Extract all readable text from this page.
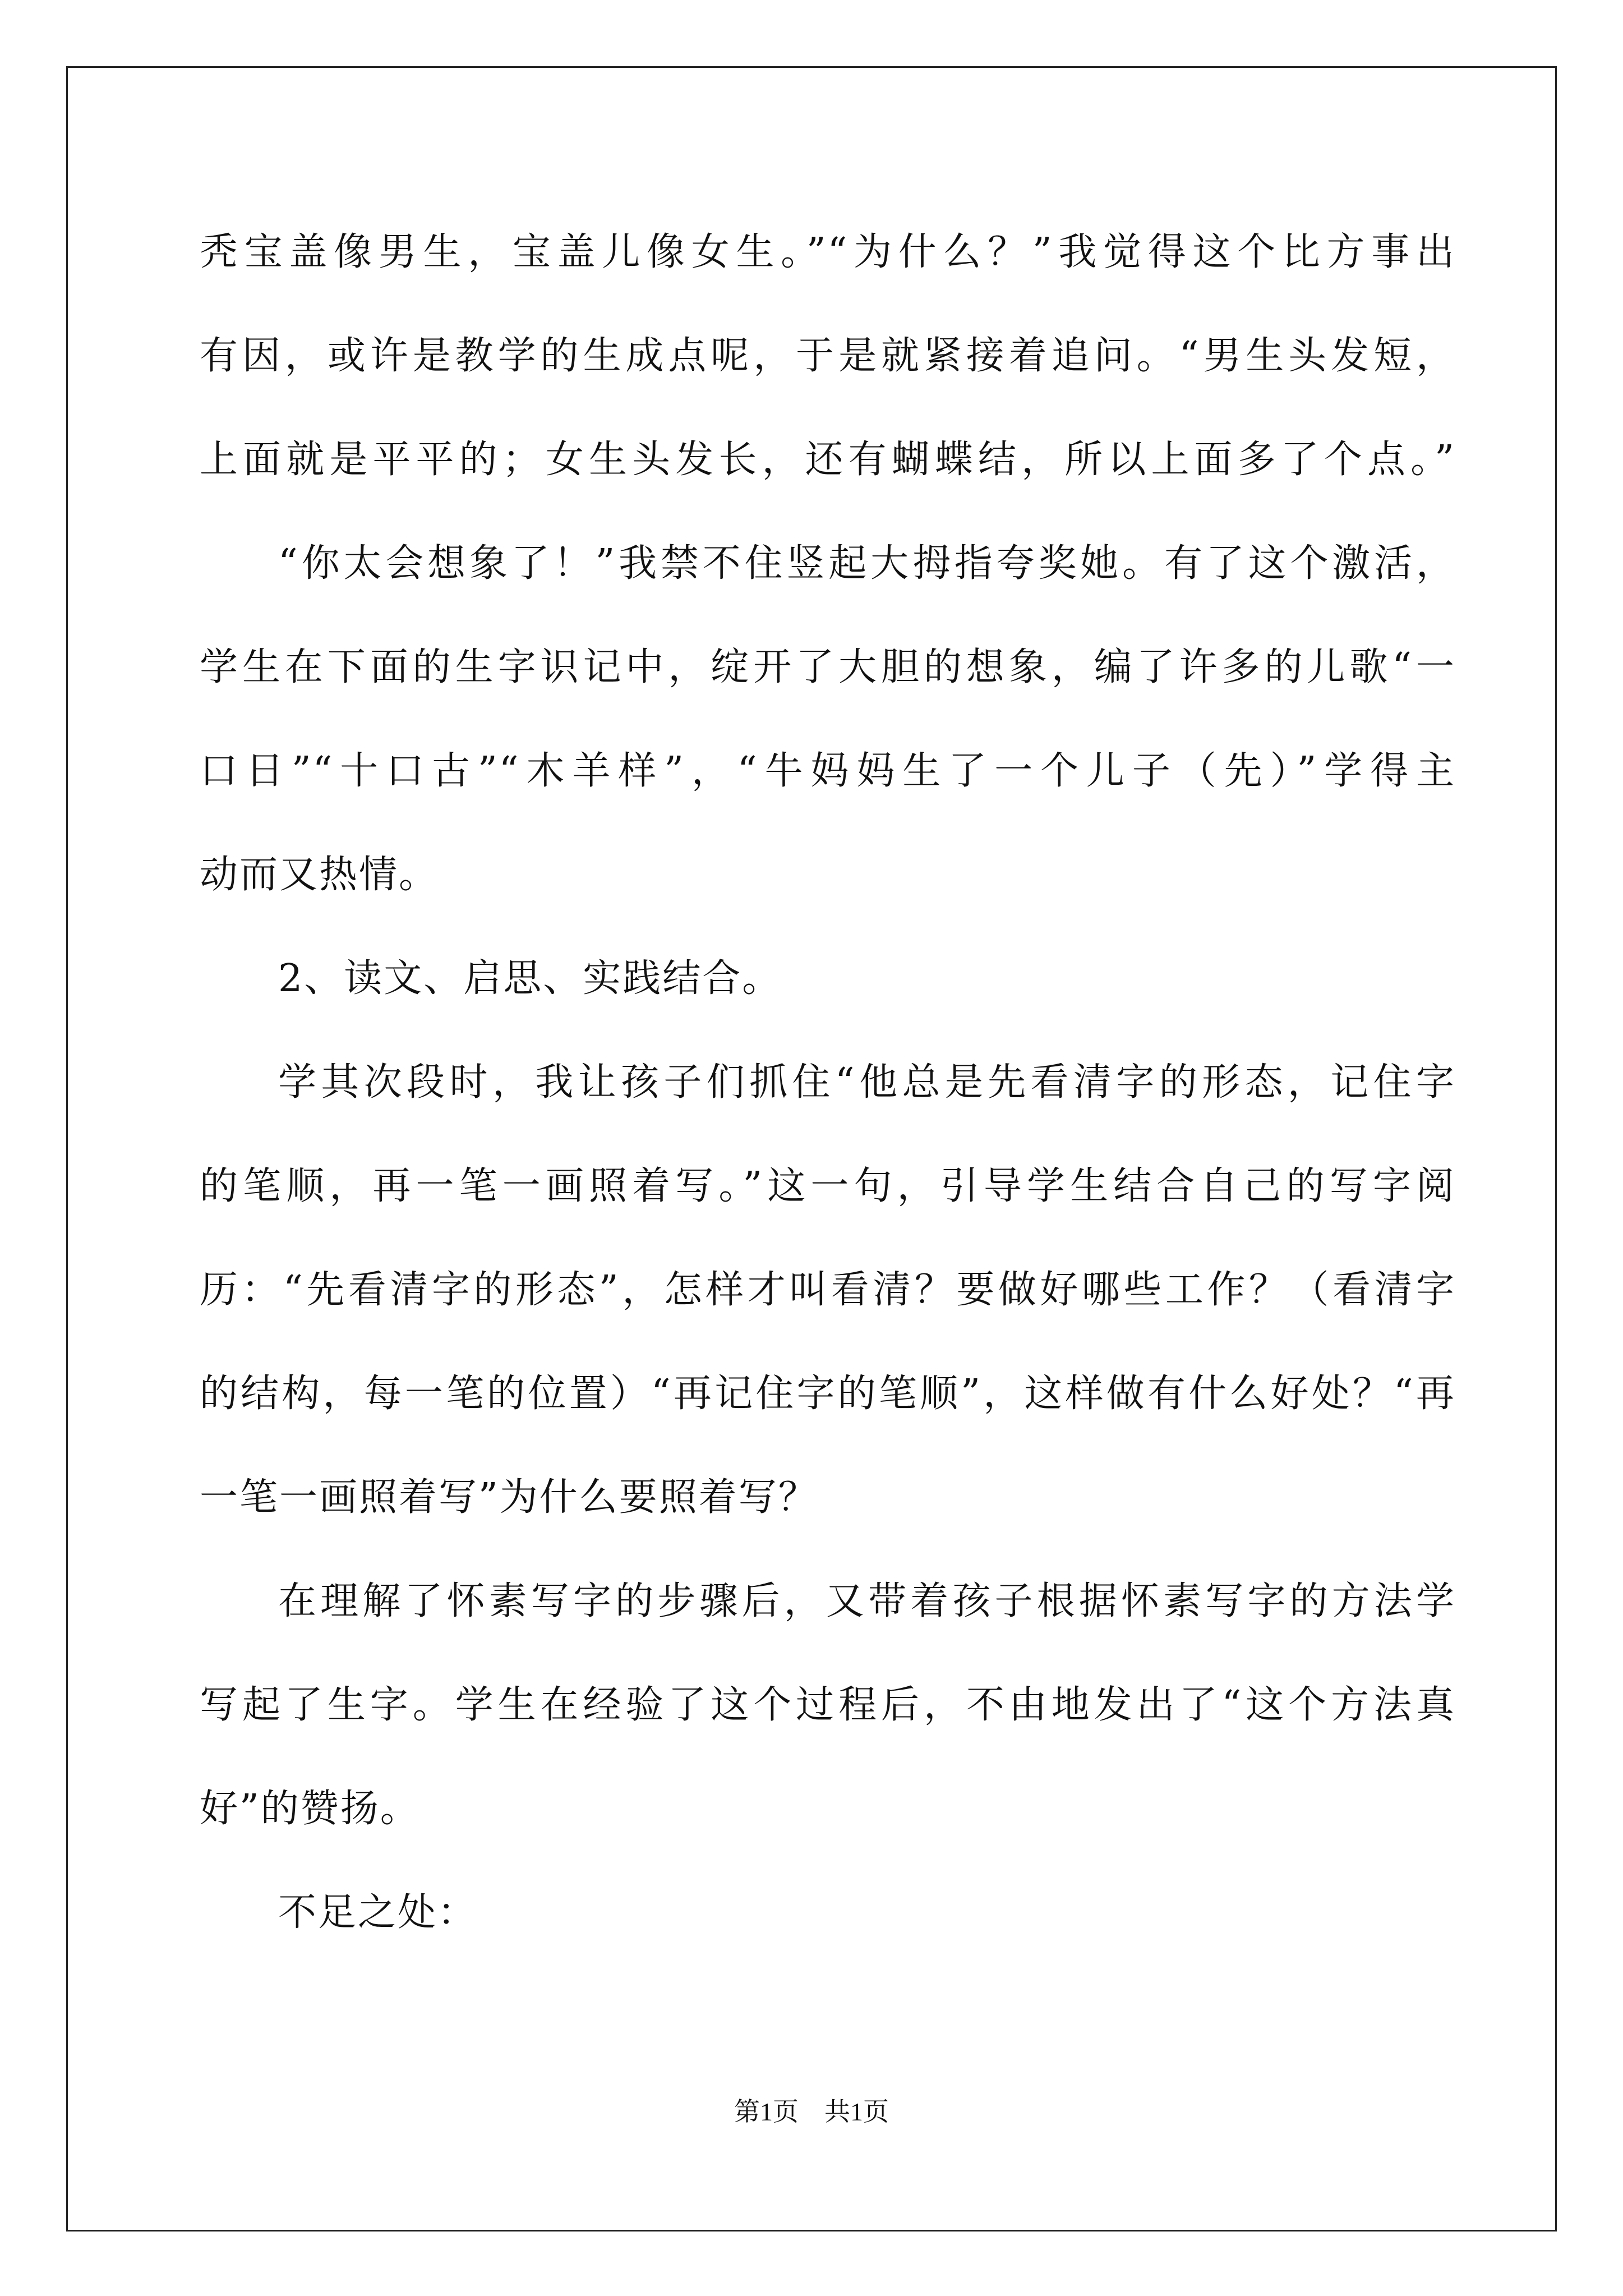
秃宝盖像男生，宝盖儿像女生。”“为什么？”我觉得这个比方事出
有因，或许是教学的生成点呢，于是就紧接着追问。“男生头发短，
上面就是平平的；女生头发长，还有蝴蝶结，所以上面多了个点。”
“你太会想象了！”我禁不住竖起大拇指夸奖她。有了这个激活，
学生在下面的生字识记中，绽开了大胆的想象，编了许多的儿歌“一
口日”“十口古”“木羊样”，“牛妈妈生了一个儿子（先）”学得主
动而又热情。
2、读文、启思、实践结合。
学其次段时，我让孩子们抓住“他总是先看清字的形态，记住字
的笔顺，再一笔一画照着写。”这一句，引导学生结合自己的写字阅
历：“先看清字的形态”，怎样才叫看清？要做好哪些工作？（看清字
的结构，每一笔的位置）“再记住字的笔顺”，这样做有什么好处？“再
一笔一画照着写”为什么要照着写？
在理解了怀素写字的步骤后，又带着孩子根据怀素写字的方法学
写起了生字。学生在经验了这个过程后，不由地发出了“这个方法真
好”的赞扬。
不足之处：
第1页　共1页
